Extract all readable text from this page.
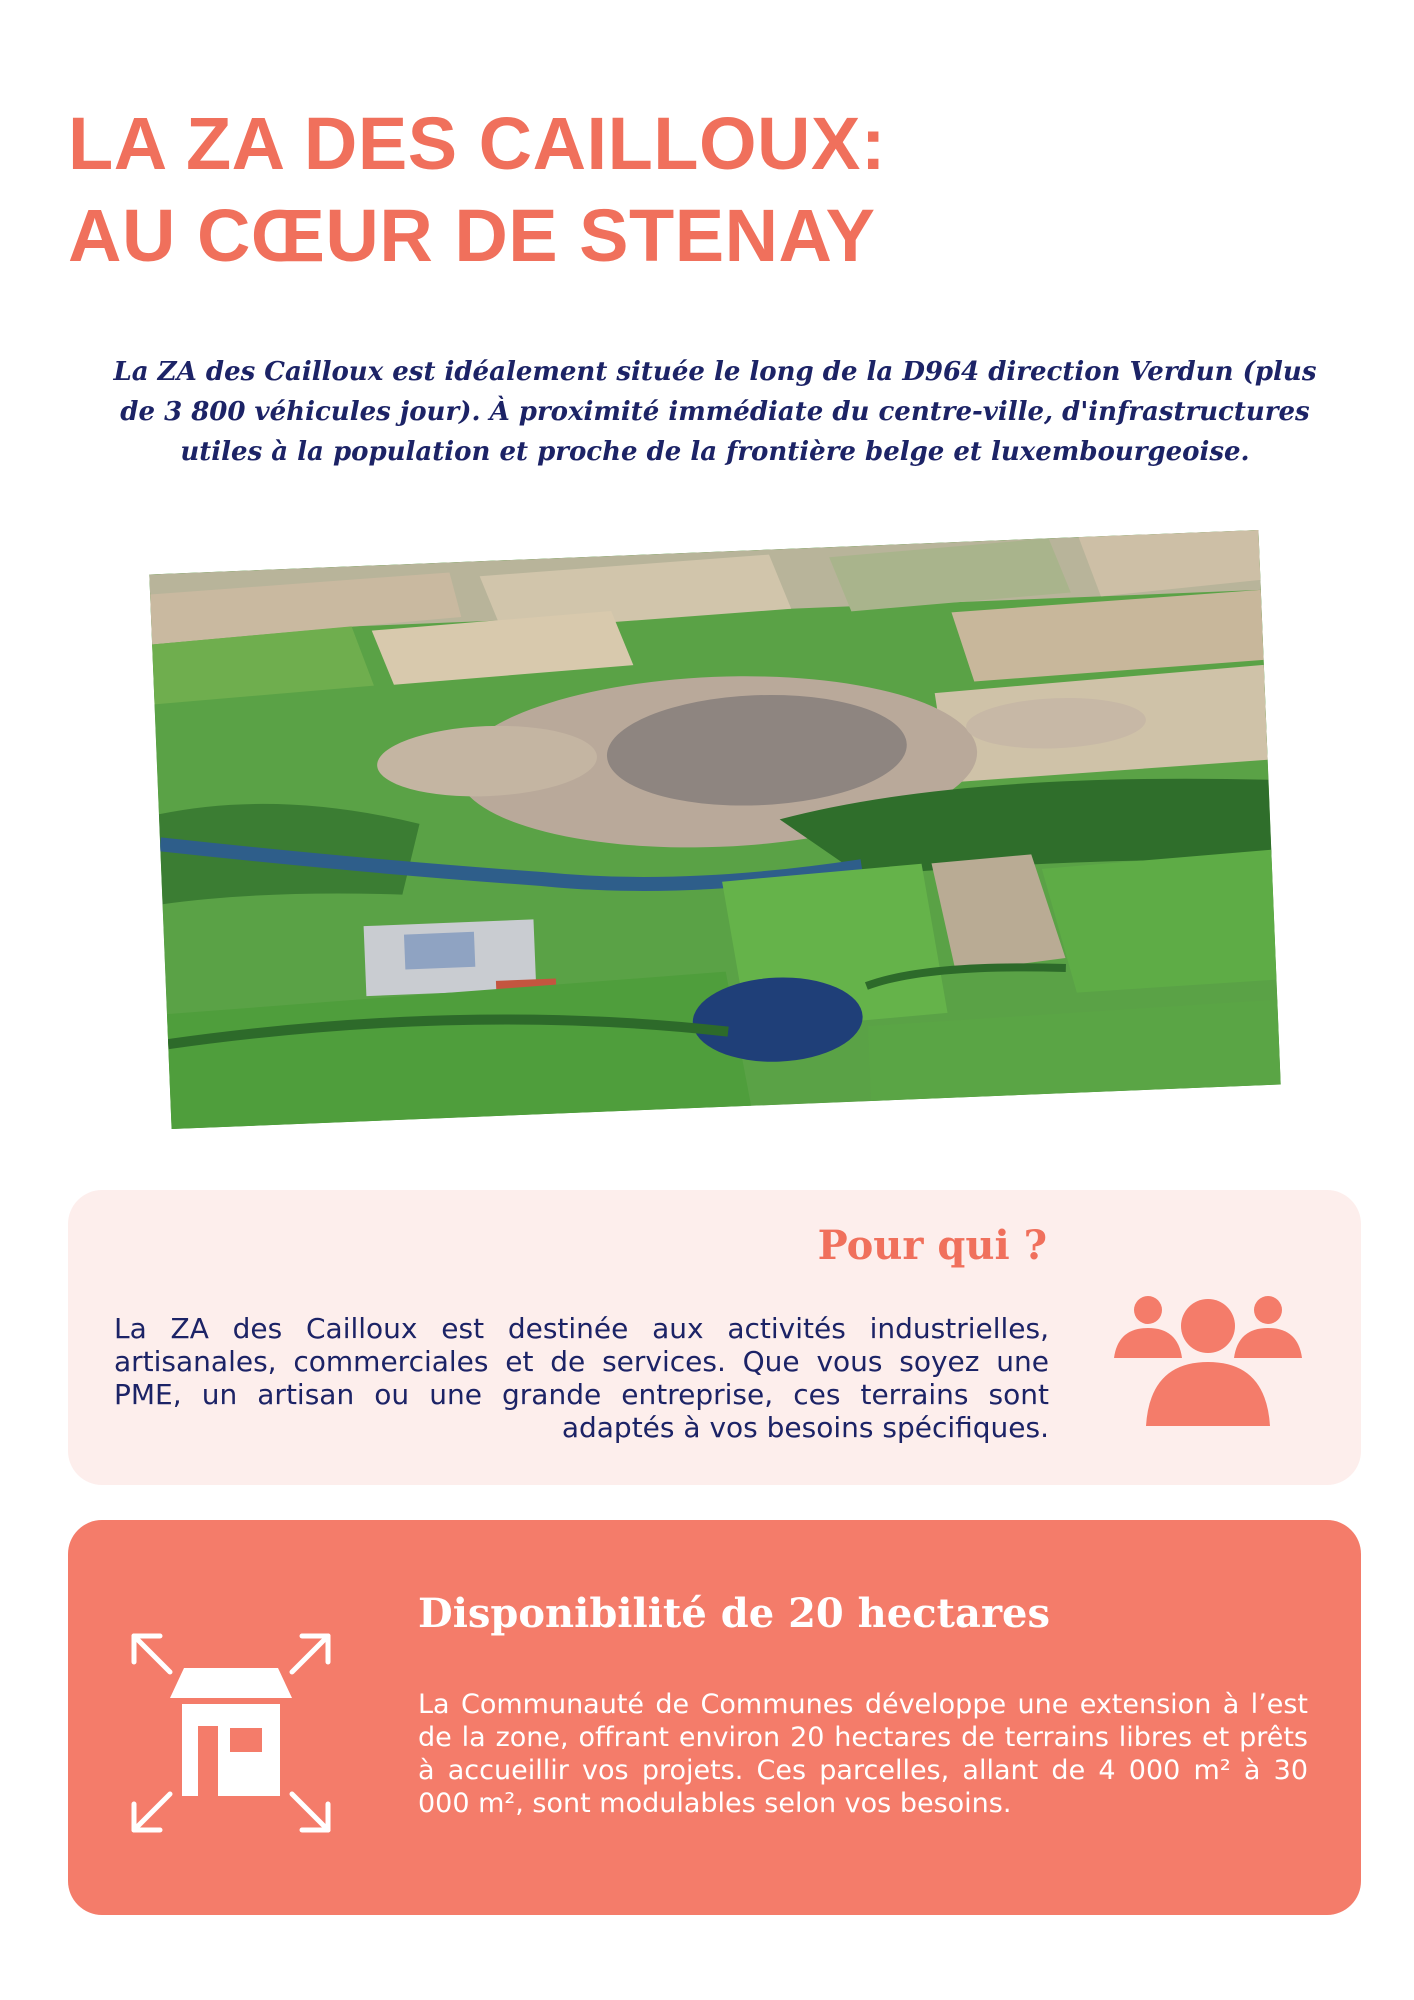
LA ZA DES CAILLOUX:
AU CŒUR DE STENAY

La ZA des Cailloux est idéalement située le long de la D964 direction Verdun (plus de 3 800 véhicules jour). À proximité immédiate du centre-ville, d'infrastructures utiles à la population et proche de la frontière belge et luxembourgeoise.

Pour qui ?

La ZA des Cailloux est destinée aux activités industrielles, artisanales, commerciales et de services. Que vous soyez une PME, un artisan ou une grande entreprise, ces terrains sont adaptés à vos besoins spécifiques.

Disponibilité de 20 hectares

La Communauté de Communes développe une extension à l’est de la zone, offrant environ 20 hectares de terrains libres et prêts à accueillir vos projets. Ces parcelles, allant de 4 000 m² à 30 000 m², sont modulables selon vos besoins.
